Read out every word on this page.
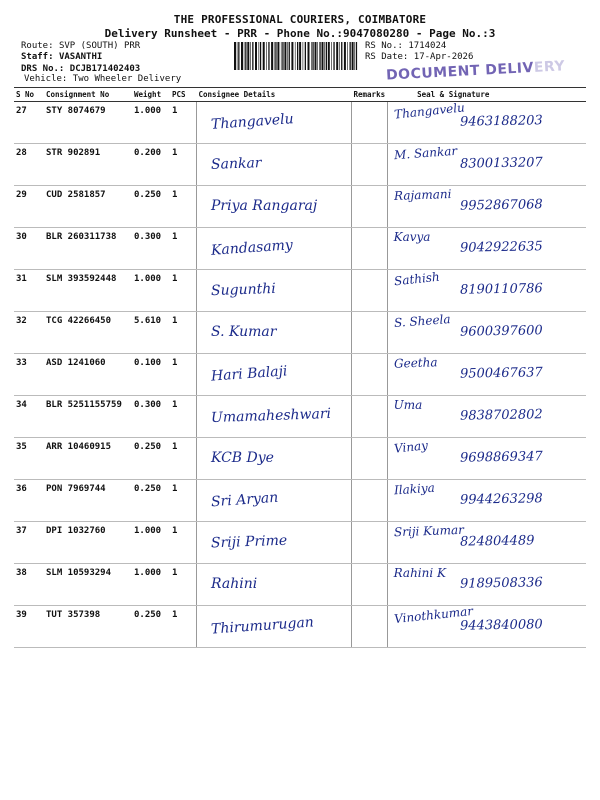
THE PROFESSIONAL COURIERS, COIMBATORE
Delivery Runsheet - PRR - Phone No.:9047080280 - Page No.:3
Route: SVP (SOUTH) PRR
Staff: VASANTHI
DRS No.: DCJB171402403
Vehicle: Two Wheeler Delivery
RS No.: 1714024
RS Date: 17-Apr-2026
DOCUMENT DELIVERY
S No	Consignment No	Weight	PCS	Consignee Details	Remarks	Seal & Signature
27	STY 8074679	1.000	1	Thangavelu		Thangavelu
9463188203

28	STR 902891	0.200	1	Sankar		M. Sankar
8300133207

29	CUD 2581857	0.250	1	Priya Rangaraj		Rajamani
9952867068

30	BLR 260311738	0.300	1	Kandasamy		Kavya
9042922635

31	SLM 393592448	1.000	1	Sugunthi		Sathish
8190110786

32	TCG 42266450	5.610	1	S. Kumar		S. Sheela
9600397600

33	ASD 1241060	0.100	1	Hari Balaji		Geetha
9500467637

34	BLR 5251155759	0.300	1	Umamaheshwari		Uma
9838702802

35	ARR 10460915	0.250	1	KCB Dye		Vinay
9698869347

36	PON 7969744	0.250	1	Sri Aryan		Ilakiya
9944263298

37	DPI 1032760	1.000	1	Sriji Prime		Sriji Kumar
824804489

38	SLM 10593294	1.000	1	Rahini		Rahini K
9189508336

39	TUT 357398	0.250	1	Thirumurugan		Vinothkumar
9443840080
